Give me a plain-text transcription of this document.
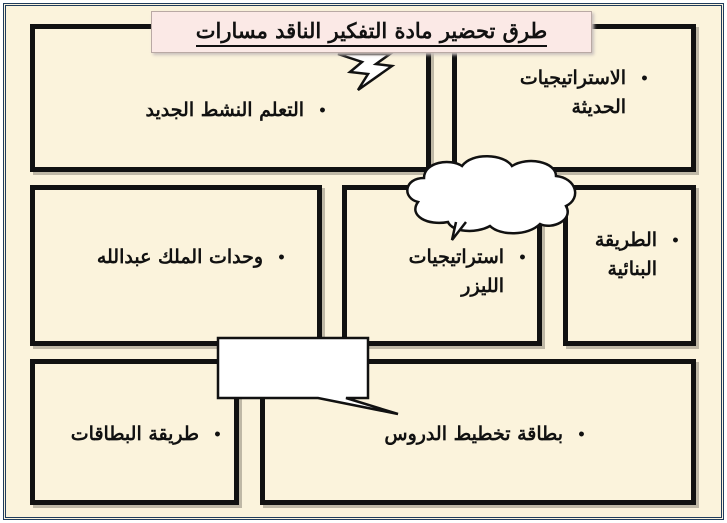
طرق تحضير مادة التفكير الناقد مسارات
•
التعلم النشط الجديد
•
الاستراتيجيات
الحديثة
•
وحدات الملك عبدالله	•
استراتيجيات
الليزر
•
الطريقة
البنائية
•
طريقة البطاقات	•
بطاقة تخطيط الدروس
